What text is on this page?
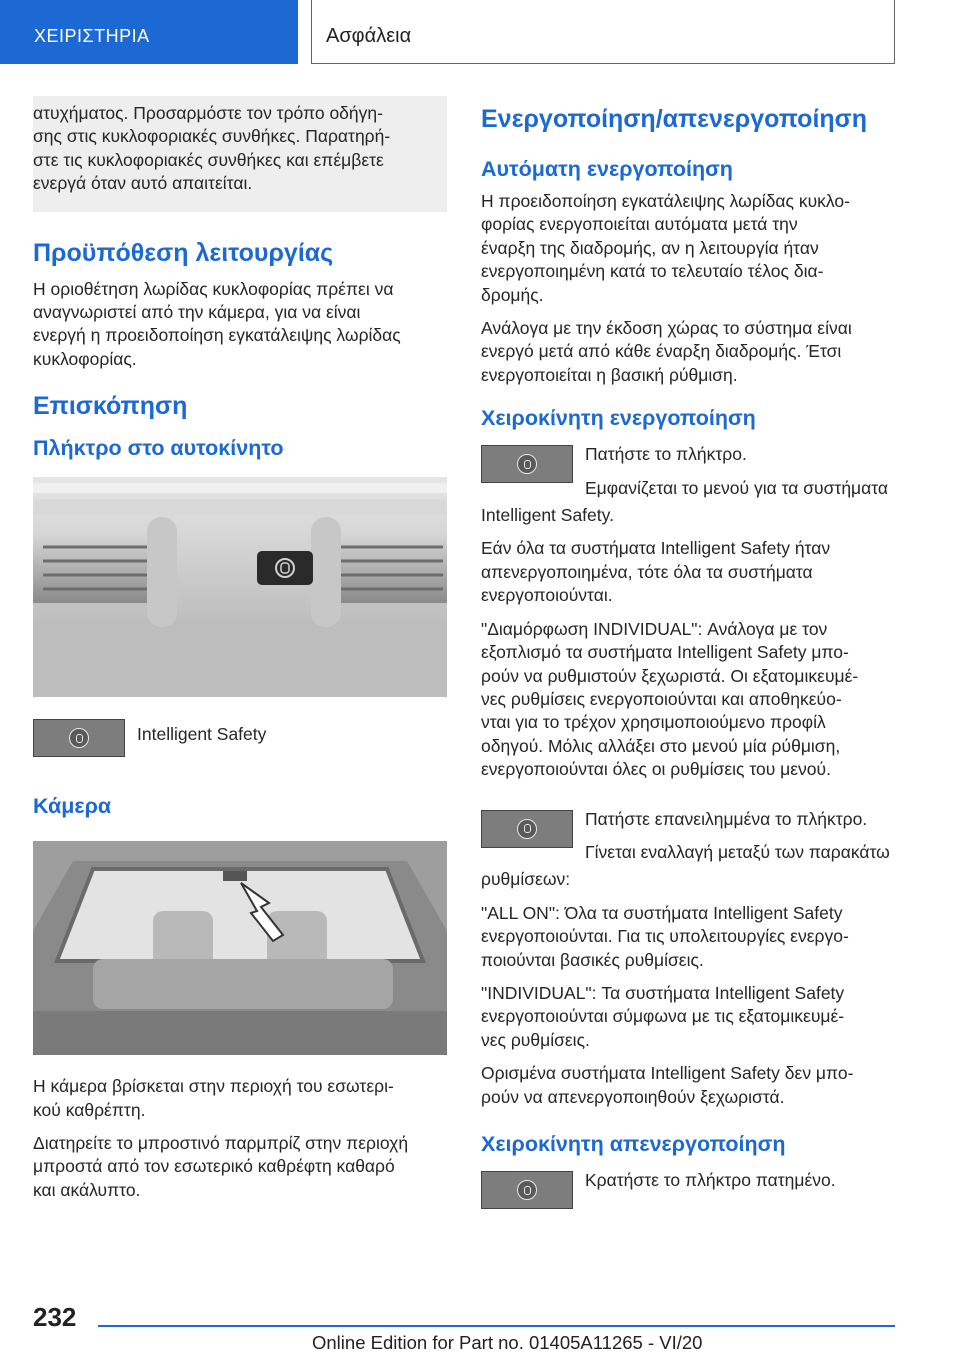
ΧΕΙΡΙΣΤΗΡΙΑ	Ασφάλεια
ατυχήματος. Προσαρμόστε τον τρόπο οδήγη-
σης στις κυκλοφοριακές συνθήκες. Παρατηρή-
στε τις κυκλοφοριακές συνθήκες και επέμβετε
ενεργά όταν αυτό απαιτείται.
Προϋπόθεση λειτουργίας
Η οριοθέτηση λωρίδας κυκλοφορίας πρέπει να
αναγνωριστεί από την κάμερα, για να είναι
ενεργή η προειδοποίηση εγκατάλειψης λωρίδας
κυκλοφορίας.
Επισκόπηση
Πλήκτρο στο αυτοκίνητο
Intelligent Safety
Κάμερα
Η κάμερα βρίσκεται στην περιοχή του εσωτερι-
κού καθρέπτη.
Διατηρείτε το μπροστινό παρμπρίζ στην περιοχή
μπροστά από τον εσωτερικό καθρέφτη καθαρό
και ακάλυπτο.
Ενεργοποίηση/απενεργοποίηση
Αυτόματη ενεργοποίηση
Η προειδοποίηση εγκατάλειψης λωρίδας κυκλο-
φορίας ενεργοποιείται αυτόματα μετά την
έναρξη της διαδρομής, αν η λειτουργία ήταν
ενεργοποιημένη κατά το τελευταίο τέλος δια-
δρομής.
Ανάλογα με την έκδοση χώρας το σύστημα είναι
ενεργό μετά από κάθε έναρξη διαδρομής. Έτσι
ενεργοποιείται η βασική ρύθμιση.
Χειροκίνητη ενεργοποίηση
Πατήστε το πλήκτρο.
Εμφανίζεται το μενού για τα συστήματα
Intelligent Safety.
Εάν όλα τα συστήματα Intelligent Safety ήταν
απενεργοποιημένα, τότε όλα τα συστήματα
ενεργοποιούνται.
"Διαμόρφωση INDIVIDUAL": Ανάλογα με τον
εξοπλισμό τα συστήματα Intelligent Safety μπο-
ρούν να ρυθμιστούν ξεχωριστά. Οι εξατομικευμέ-
νες ρυθμίσεις ενεργοποιούνται και αποθηκεύο-
νται για το τρέχον χρησιμοποιούμενο προφίλ
οδηγού. Μόλις αλλάξει στο μενού μία ρύθμιση,
ενεργοποιούνται όλες οι ρυθμίσεις του μενού.
Πατήστε επανειλημμένα το πλήκτρο.
Γίνεται εναλλαγή μεταξύ των παρακάτω
ρυθμίσεων:
"ALL ON": Όλα τα συστήματα Intelligent Safety
ενεργοποιούνται. Για τις υπολειτουργίες ενεργο-
ποιούνται βασικές ρυθμίσεις.
"INDIVIDUAL": Τα συστήματα Intelligent Safety
ενεργοποιούνται σύμφωνα με τις εξατομικευμέ-
νες ρυθμίσεις.
Ορισμένα συστήματα Intelligent Safety δεν μπο-
ρούν να απενεργοποιηθούν ξεχωριστά.
Χειροκίνητη απενεργοποίηση
Κρατήστε το πλήκτρο πατημένο.
232
Online Edition for Part no. 01405A11265 - VI/20
